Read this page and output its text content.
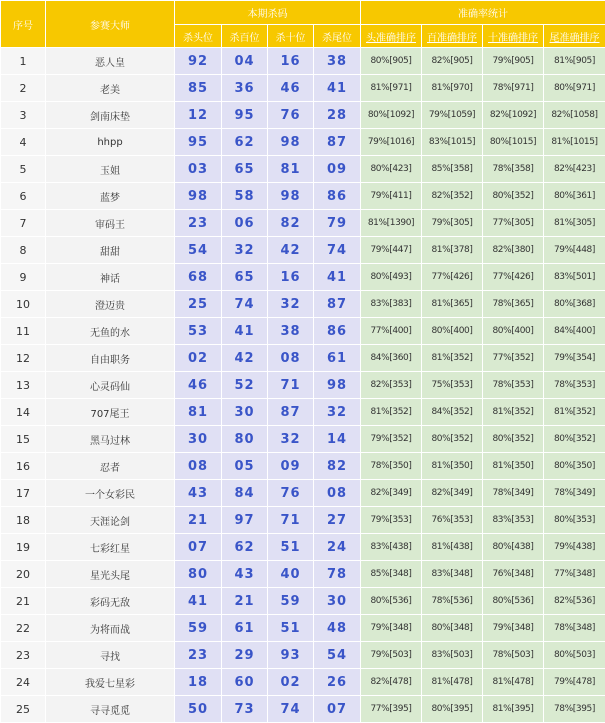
序号	参赛大师	本期杀码				准确率统计			
		杀头位	杀百位	杀十位	杀尾位	头准确排序	百准确排序	十准确排序	尾准确排序
1	恶人皇	92	04	16	38	80%[905]	82%[905]	79%[905]	81%[905]
2	老美	85	36	46	41	81%[971]	81%[970]	78%[971]	80%[971]
3	剑南床垫	12	95	76	28	80%[1092]	79%[1059]	82%[1092]	82%[1058]
4	hhpp	95	62	98	87	79%[1016]	83%[1015]	80%[1015]	81%[1015]
5	玉姐	03	65	81	09	80%[423]	85%[358]	78%[358]	82%[423]
6	蓝梦	98	58	98	86	79%[411]	82%[352]	80%[352]	80%[361]
7	审码王	23	06	82	79	81%[1390]	79%[305]	77%[305]	81%[305]
8	甜甜	54	32	42	74	79%[447]	81%[378]	82%[380]	79%[448]
9	神话	68	65	16	41	80%[493]	77%[426]	77%[426]	83%[501]
10	澄迈贵	25	74	32	87	83%[383]	81%[365]	78%[365]	80%[368]
11	无鱼的水	53	41	38	86	77%[400]	80%[400]	80%[400]	84%[400]
12	自由职务	02	42	08	61	84%[360]	81%[352]	77%[352]	79%[354]
13	心灵码仙	46	52	71	98	82%[353]	75%[353]	78%[353]	78%[353]
14	707尾王	81	30	87	32	81%[352]	84%[352]	81%[352]	81%[352]
15	黑马过林	30	80	32	14	79%[352]	80%[352]	80%[352]	80%[352]
16	忍者	08	05	09	82	78%[350]	81%[350]	81%[350]	80%[350]
17	一个女彩民	43	84	76	08	82%[349]	82%[349]	78%[349]	78%[349]
18	天涯论剑	21	97	71	27	79%[353]	76%[353]	83%[353]	80%[353]
19	七彩红星	07	62	51	24	83%[438]	81%[438]	80%[438]	79%[438]
20	星光头尾	80	43	40	78	85%[348]	83%[348]	76%[348]	77%[348]
21	彩码无敌	41	21	59	30	80%[536]	78%[536]	80%[536]	82%[536]
22	为将而战	59	61	51	48	79%[348]	80%[348]	79%[348]	78%[348]
23	寻找	23	29	93	54	79%[503]	83%[503]	78%[503]	80%[503]
24	我爱七星彩	18	60	02	26	82%[478]	81%[478]	81%[478]	79%[478]
25	寻寻觅觅	50	73	74	07	77%[395]	80%[395]	81%[395]	78%[395]
